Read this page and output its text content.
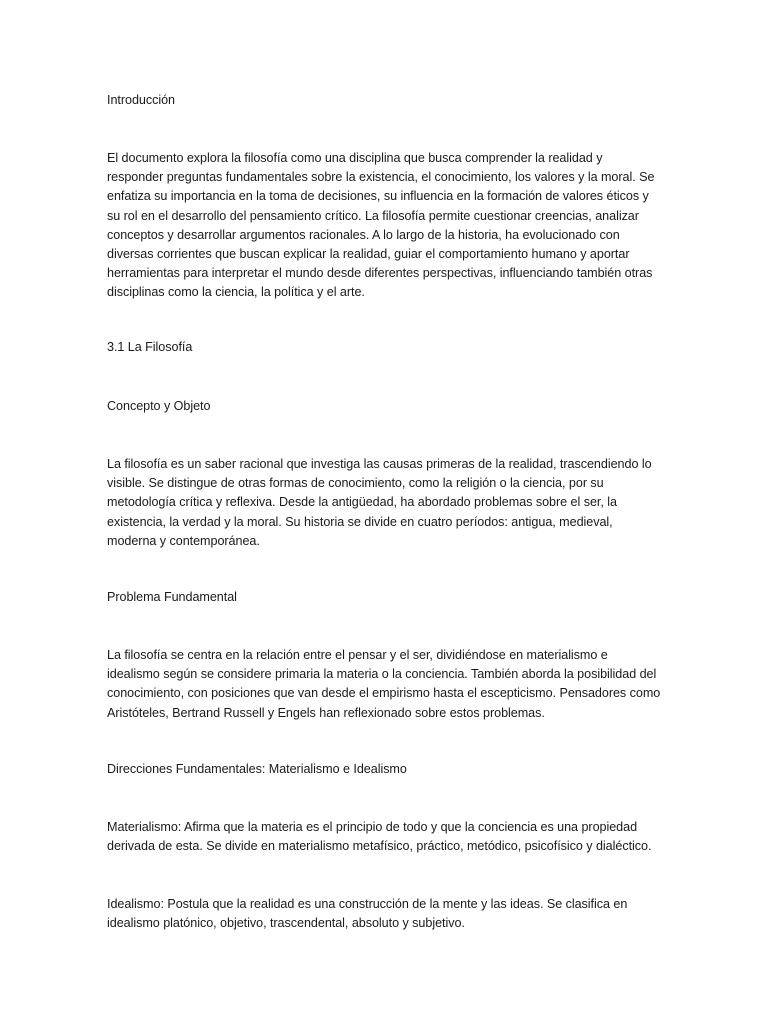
Introducción

El documento explora la filosofía como una disciplina que busca comprender la realidad y responder preguntas fundamentales sobre la existencia, el conocimiento, los valores y la moral. Se enfatiza su importancia en la toma de decisiones, su influencia en la formación de valores éticos y su rol en el desarrollo del pensamiento crítico. La filosofía permite cuestionar creencias, analizar conceptos y desarrollar argumentos racionales. A lo largo de la historia, ha evolucionado con diversas corrientes que buscan explicar la realidad, guiar el comportamiento humano y aportar herramientas para interpretar el mundo desde diferentes perspectivas, influenciando también otras disciplinas como la ciencia, la política y el arte.

3.1 La Filosofía

Concepto y Objeto

La filosofía es un saber racional que investiga las causas primeras de la realidad, trascendiendo lo visible. Se distingue de otras formas de conocimiento, como la religión o la ciencia, por su metodología crítica y reflexiva. Desde la antigüedad, ha abordado problemas sobre el ser, la existencia, la verdad y la moral. Su historia se divide en cuatro períodos: antigua, medieval, moderna y contemporánea.

Problema Fundamental

La filosofía se centra en la relación entre el pensar y el ser, dividiéndose en materialismo e idealismo según se considere primaria la materia o la conciencia. También aborda la posibilidad del conocimiento, con posiciones que van desde el empirismo hasta el escepticismo. Pensadores como Aristóteles, Bertrand Russell y Engels han reflexionado sobre estos problemas.

Direcciones Fundamentales: Materialismo e Idealismo

Materialismo: Afirma que la materia es el principio de todo y que la conciencia es una propiedad derivada de esta. Se divide en materialismo metafísico, práctico, metódico, psicofísico y dialéctico.

Idealismo: Postula que la realidad es una construcción de la mente y las ideas. Se clasifica en idealismo platónico, objetivo, trascendental, absoluto y subjetivo.
